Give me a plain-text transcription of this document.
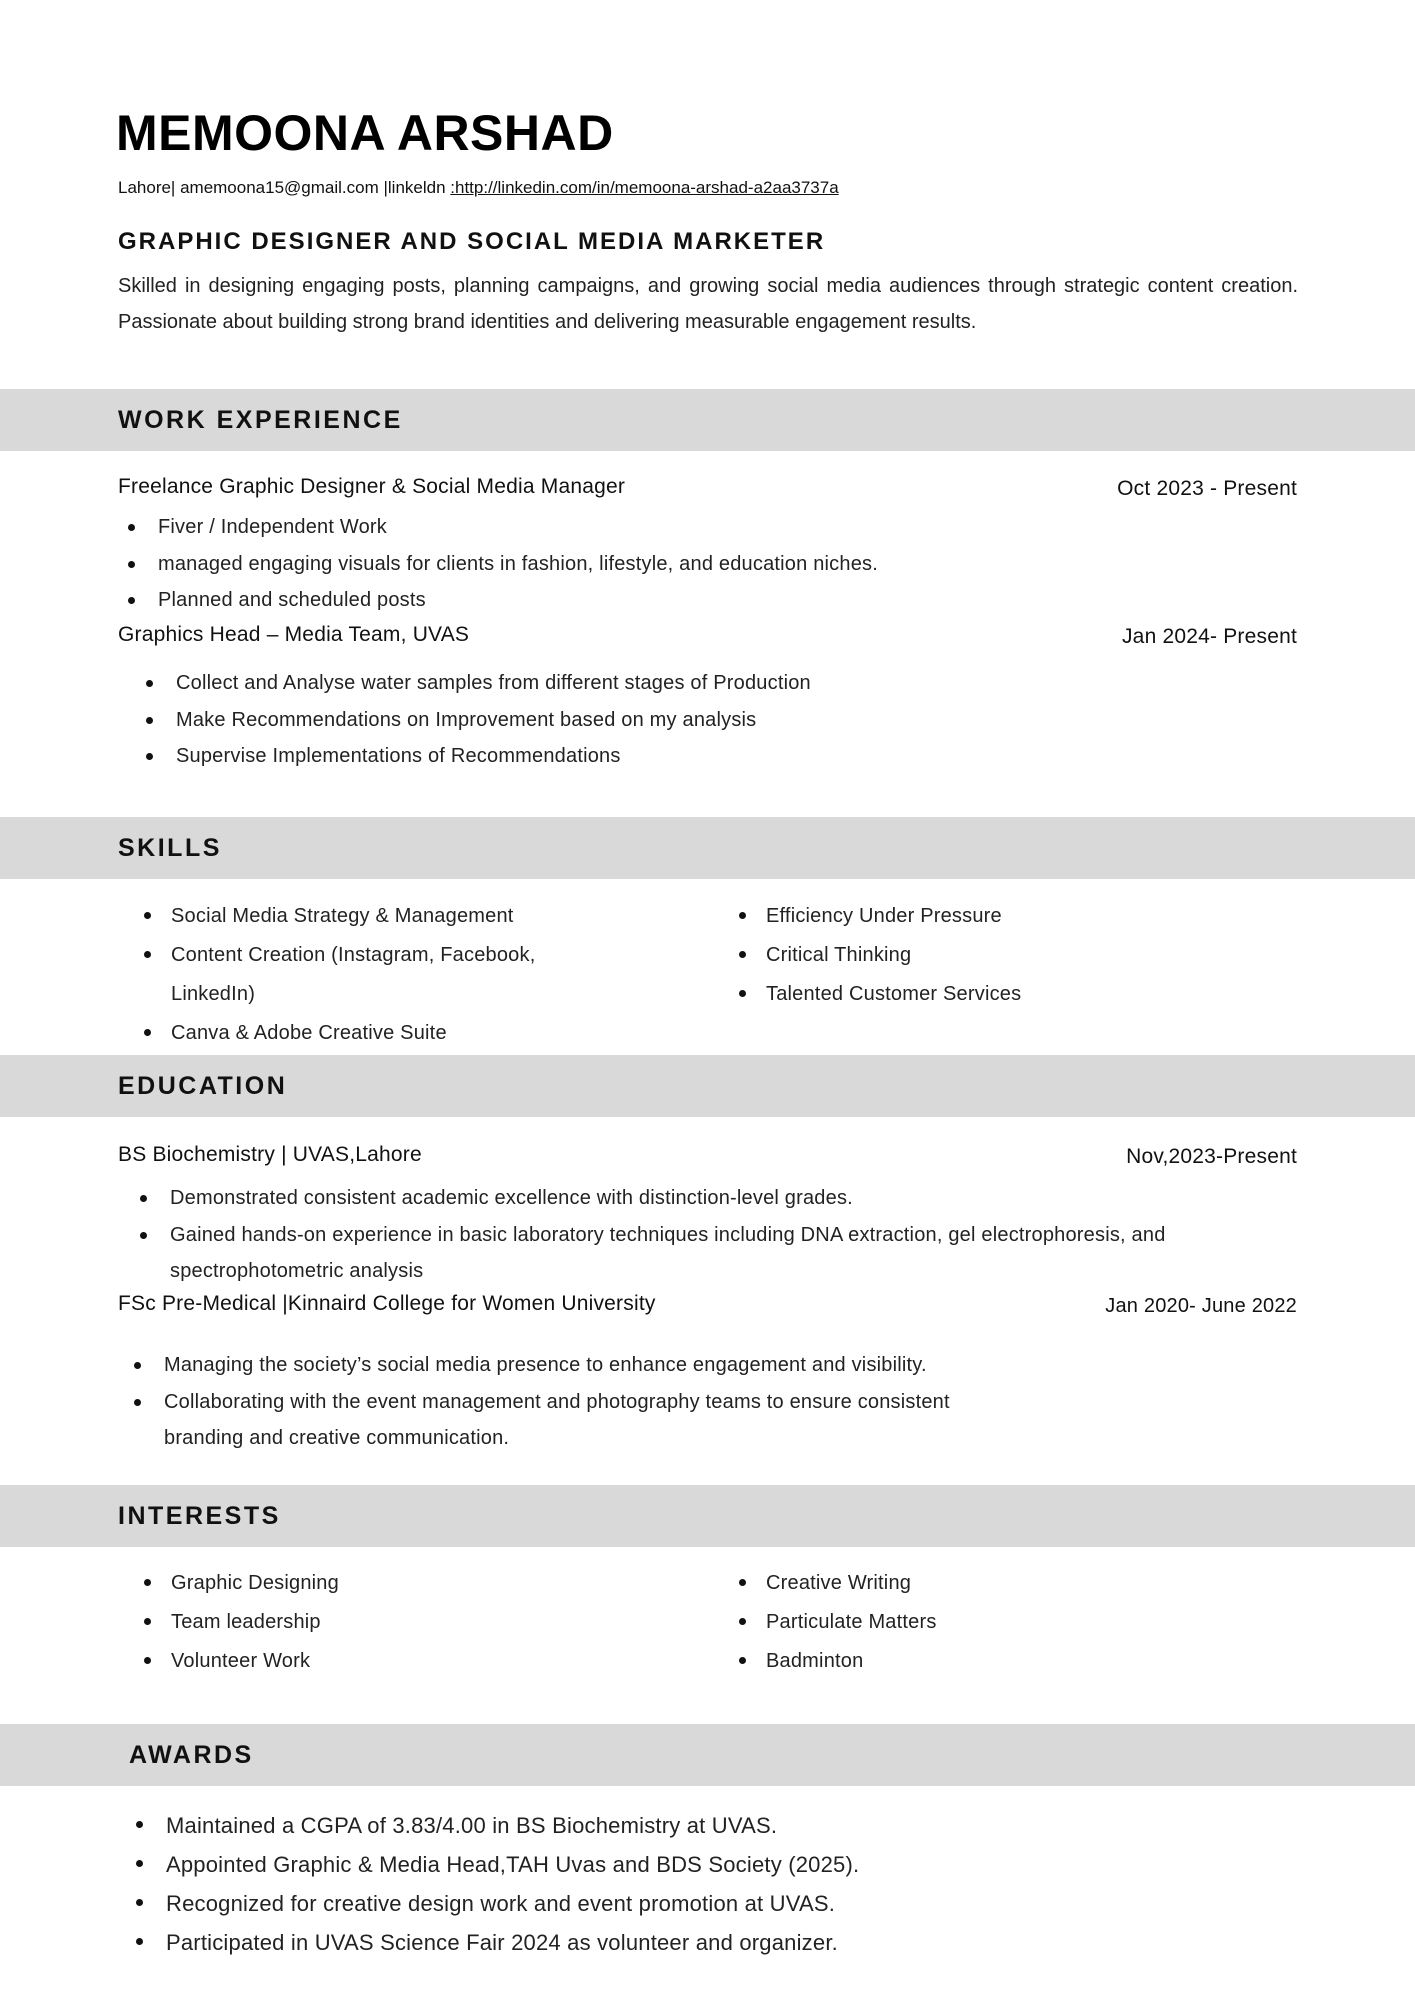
MEMOONA ARSHAD
Lahore| amemoona15@gmail.com |linkeldn :http://linkedin.com/in/memoona-arshad-a2aa3737a
GRAPHIC DESIGNER AND SOCIAL MEDIA MARKETER
Skilled in designing engaging posts, planning campaigns, and growing social media audiences through strategic content creation. Passionate about building strong brand identities and delivering measurable engagement results.
WORK EXPERIENCE
Freelance Graphic Designer & Social Media Manager	Oct 2023 - Present
Fiver / Independent Work
managed engaging visuals for clients in fashion, lifestyle, and education niches.
Planned and scheduled posts
Graphics Head – Media Team, UVAS	Jan 2024- Present
Collect and Analyse water samples from different stages of Production
Make Recommendations on Improvement based on my analysis
Supervise Implementations of Recommendations
SKILLS
Social Media Strategy & Management
Content Creation (Instagram, Facebook, LinkedIn)
Canva & Adobe Creative Suite
Efficiency Under Pressure
Critical Thinking
Talented Customer Services
EDUCATION
BS Biochemistry | UVAS,Lahore	Nov,2023-Present
Demonstrated consistent academic excellence with distinction-level grades.
Gained hands-on experience in basic laboratory techniques including DNA extraction, gel electrophoresis, and spectrophotometric analysis
FSc Pre-Medical |Kinnaird College for Women University	Jan 2020- June 2022
Managing the society’s social media presence to enhance engagement and visibility.
Collaborating with the event management and photography teams to ensure consistent branding and creative communication.
INTERESTS
Graphic Designing
Team leadership
Volunteer Work
Creative Writing
Particulate Matters
Badminton
AWARDS
Maintained a CGPA of 3.83/4.00 in BS Biochemistry at UVAS.
Appointed Graphic & Media Head,TAH Uvas and BDS Society (2025).
Recognized for creative design work and event promotion at UVAS.
Participated in UVAS Science Fair 2024 as volunteer and organizer.
